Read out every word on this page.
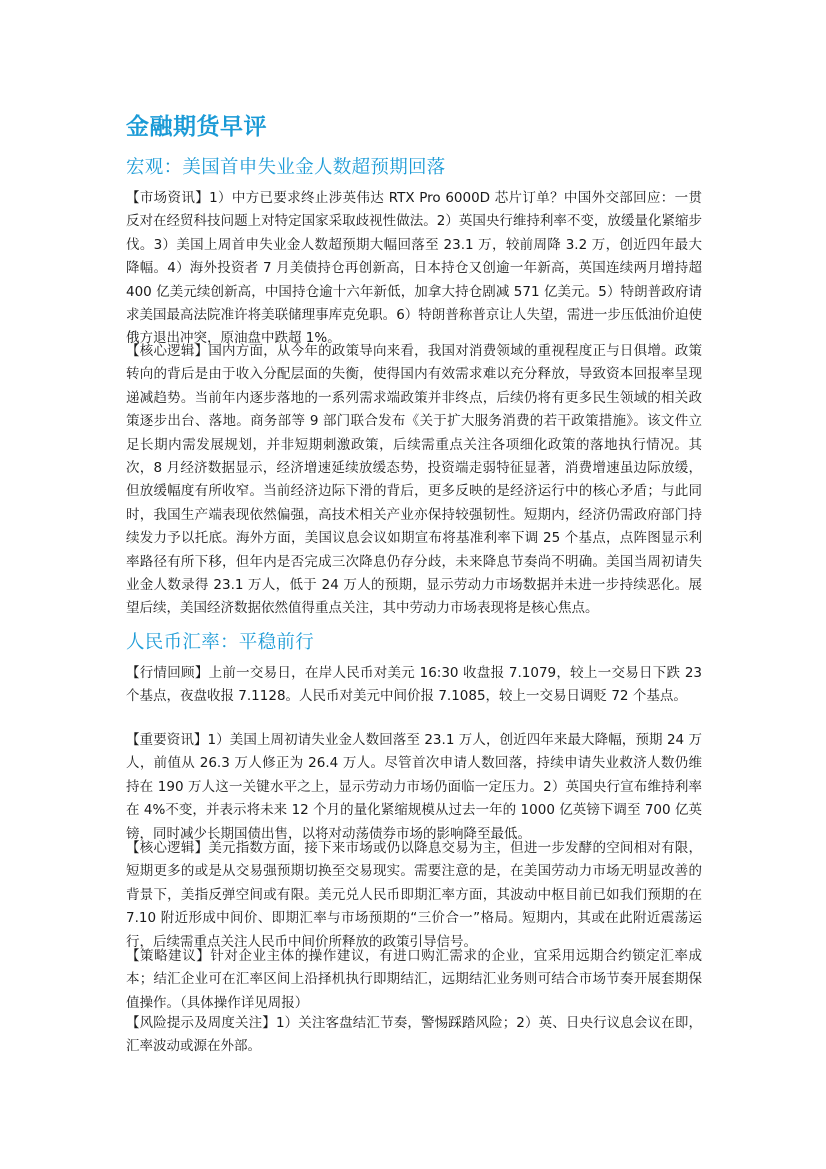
金融期货早评
宏观：美国首申失业金人数超预期回落

【市场资讯】1）中方已要求终止涉英伟达 RTX Pro 6000D 芯片订单？中国外交部回应：一贯反对在经贸科技问题上对特定国家采取歧视性做法。2）英国央行维持利率不变，放缓量化紧缩步伐。3）美国上周首申失业金人数超预期大幅回落至 23.1 万，较前周降 3.2 万，创近四年最大降幅。4）海外投资者 7 月美债持仓再创新高，日本持仓又创逾一年新高，英国连续两月增持超 400 亿美元续创新高，中国持仓逾十六年新低，加拿大持仓剧减 571 亿美元。5）特朗普政府请求美国最高法院准许将美联储理事库克免职。6）特朗普称普京让人失望，需进一步压低油价迫使俄方退出冲突，原油盘中跌超 1%。

【核心逻辑】国内方面，从今年的政策导向来看，我国对消费领域的重视程度正与日俱增。政策转向的背后是由于收入分配层面的失衡，使得国内有效需求难以充分释放，导致资本回报率呈现递减趋势。当前年内逐步落地的一系列需求端政策并非终点，后续仍将有更多民生领域的相关政策逐步出台、落地。商务部等 9 部门联合发布《关于扩大服务消费的若干政策措施》。该文件立足长期内需发展规划，并非短期刺激政策，后续需重点关注各项细化政策的落地执行情况。其次，8 月经济数据显示，经济增速延续放缓态势，投资端走弱特征显著，消费增速虽边际放缓，但放缓幅度有所收窄。当前经济边际下滑的背后，更多反映的是经济运行中的核心矛盾；与此同时，我国生产端表现依然偏强，高技术相关产业亦保持较强韧性。短期内，经济仍需政府部门持续发力予以托底。海外方面，美国议息会议如期宣布将基准利率下调 25 个基点，点阵图显示利率路径有所下移，但年内是否完成三次降息仍存分歧，未来降息节奏尚不明确。美国当周初请失业金人数录得 23.1 万人，低于 24 万人的预期，显示劳动力市场数据并未进一步持续恶化。展望后续，美国经济数据依然值得重点关注，其中劳动力市场表现将是核心焦点。

人民币汇率：平稳前行

【行情回顾】上前一交易日，在岸人民币对美元 16:30 收盘报 7.1079，较上一交易日下跌 23 个基点，夜盘收报 7.1128。人民币对美元中间价报 7.1085，较上一交易日调贬 72 个基点。

【重要资讯】1）美国上周初请失业金人数回落至 23.1 万人，创近四年来最大降幅，预期 24 万人，前值从 26.3 万人修正为 26.4 万人。尽管首次申请人数回落，持续申请失业救济人数仍维持在 190 万人这一关键水平之上，显示劳动力市场仍面临一定压力。2）英国央行宣布维持利率在 4%不变，并表示将未来 12 个月的量化紧缩规模从过去一年的 1000 亿英镑下调至 700 亿英镑，同时减少长期国债出售，以将对动荡债券市场的影响降至最低。

【核心逻辑】美元指数方面，接下来市场或仍以降息交易为主，但进一步发酵的空间相对有限，短期更多的或是从交易强预期切换至交易现实。需要注意的是，在美国劳动力市场无明显改善的背景下，美指反弹空间或有限。美元兑人民币即期汇率方面，其波动中枢目前已如我们预期的在 7.10 附近形成中间价、即期汇率与市场预期的“三价合一”格局。短期内，其或在此附近震荡运行，后续需重点关注人民币中间价所释放的政策引导信号。

【策略建议】针对企业主体的操作建议，有进口购汇需求的企业，宜采用远期合约锁定汇率成本；结汇企业可在汇率区间上沿择机执行即期结汇，远期结汇业务则可结合市场节奏开展套期保值操作。（具体操作详见周报）

【风险提示及周度关注】1）关注客盘结汇节奏，警惕踩踏风险；2）英、日央行议息会议在即，汇率波动或源在外部。
